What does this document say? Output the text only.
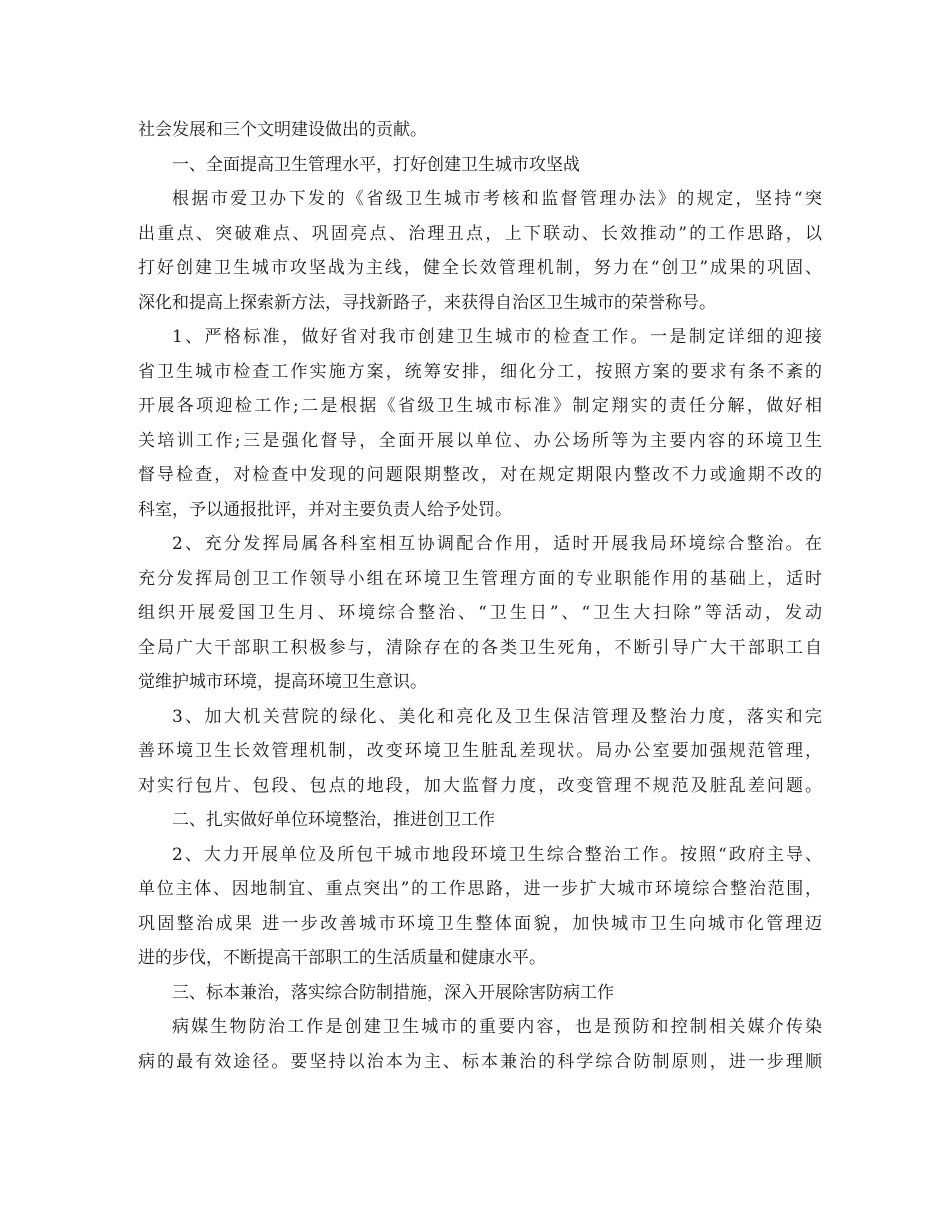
社会发展和三个文明建设做出的贡献。
一、全面提高卫生管理水平，打好创建卫生城市攻坚战
根据市爱卫办下发的《省级卫生城市考核和监督管理办法》的规定，坚持“突
出重点、突破难点、巩固亮点、治理丑点，上下联动、长效推动”的工作思路，以
打好创建卫生城市攻坚战为主线，健全长效管理机制，努力在“创卫”成果的巩固、
深化和提高上探索新方法，寻找新路子，来获得自治区卫生城市的荣誉称号。
1、严格标准，做好省对我市创建卫生城市的检查工作。一是制定详细的迎接
省卫生城市检查工作实施方案，统筹安排，细化分工，按照方案的要求有条不紊的
开展各项迎检工作;二是根据《省级卫生城市标准》制定翔实的责任分解，做好相
关培训工作;三是强化督导，全面开展以单位、办公场所等为主要内容的环境卫生
督导检查，对检查中发现的问题限期整改，对在规定期限内整改不力或逾期不改的
科室，予以通报批评，并对主要负责人给予处罚。
2、充分发挥局属各科室相互协调配合作用，适时开展我局环境综合整治。在
充分发挥局创卫工作领导小组在环境卫生管理方面的专业职能作用的基础上，适时
组织开展爱国卫生月、环境综合整治、“卫生日”、“卫生大扫除”等活动，发动
全局广大干部职工积极参与，清除存在的各类卫生死角，不断引导广大干部职工自
觉维护城市环境，提高环境卫生意识。
3、加大机关营院的绿化、美化和亮化及卫生保洁管理及整治力度，落实和完
善环境卫生长效管理机制，改变环境卫生脏乱差现状。局办公室要加强规范管理，
对实行包片、包段、包点的地段，加大监督力度，改变管理不规范及脏乱差问题。
二、扎实做好单位环境整治，推进创卫工作
2、大力开展单位及所包干城市地段环境卫生综合整治工作。按照“政府主导、
单位主体、因地制宜、重点突出”的工作思路，进一步扩大城市环境综合整治范围，
巩固整治成果 进一步改善城市环境卫生整体面貌，加快城市卫生向城市化管理迈
进的步伐，不断提高干部职工的生活质量和健康水平。
三、标本兼治，落实综合防制措施，深入开展除害防病工作
病媒生物防治工作是创建卫生城市的重要内容，也是预防和控制相关媒介传染
病的最有效途径。要坚持以治本为主、标本兼治的科学综合防制原则，进一步理顺
